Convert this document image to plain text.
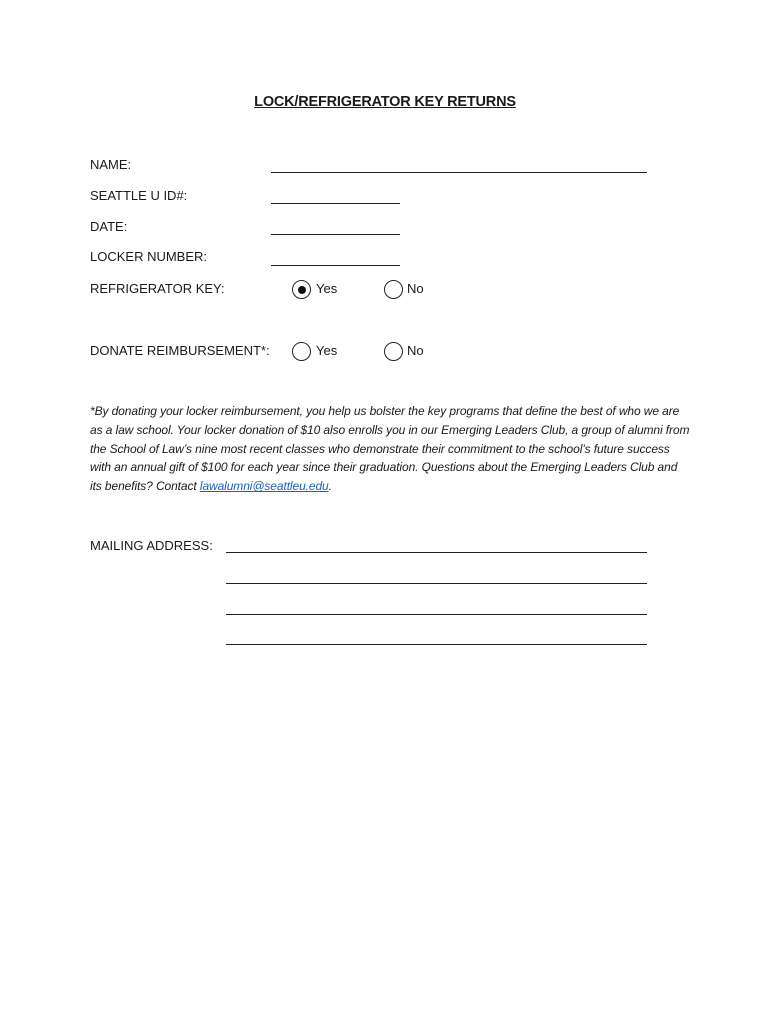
LOCK/REFRIGERATOR KEY RETURNS
NAME:
SEATTLE U ID#:
DATE:
LOCKER NUMBER:
REFRIGERATOR KEY:	Yes	No
DONATE REIMBURSEMENT*:	Yes	No
*By donating your locker reimbursement, you help us bolster the key programs that define the best of who we are as a law school. Your locker donation of $10 also enrolls you in our Emerging Leaders Club, a group of alumni from the School of Law’s nine most recent classes who demonstrate their commitment to the school’s future success with an annual gift of $100 for each year since their graduation. Questions about the Emerging Leaders Club and its benefits? Contact lawalumni@seattleu.edu.
MAILING ADDRESS:
